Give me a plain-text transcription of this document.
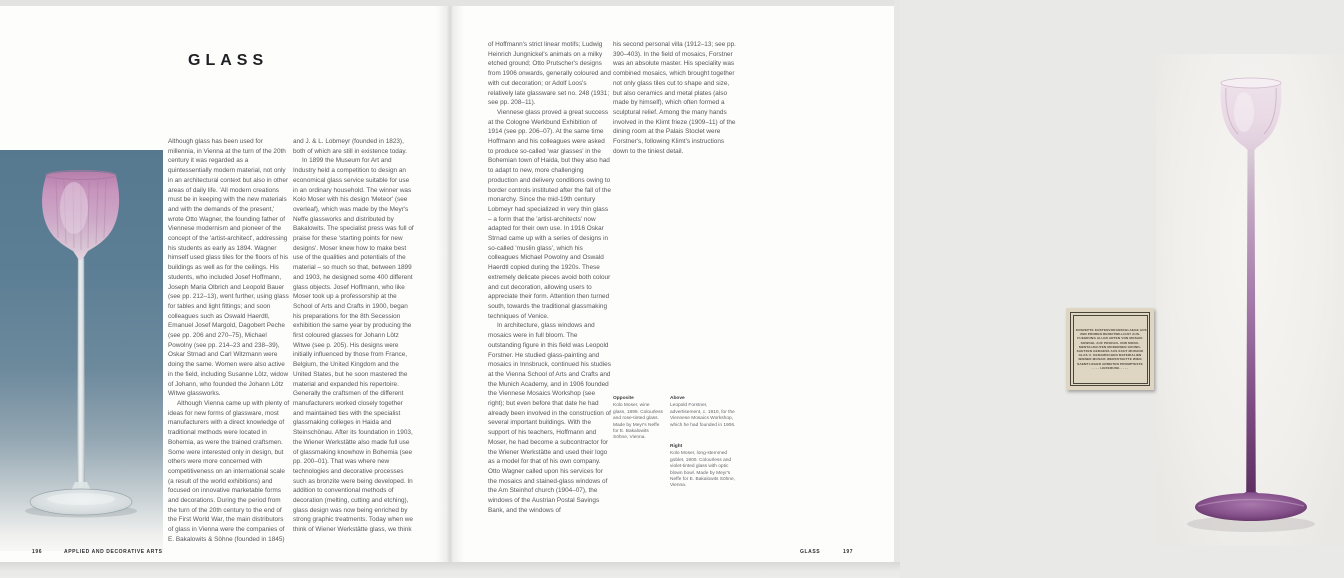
GLASS

Although glass has been used for millennia, in Vienna at the turn of the 20th century it was regarded as a quintessentially modern material, not only in an architectural context but also in other areas of daily life. 'All modern creations must be in keeping with the new materials and with the demands of the present,' wrote Otto Wagner, the founding father of Viennese modernism and pioneer of the concept of the 'artist-architect', addressing his students as early as 1894. Wagner himself used glass tiles for the floors of his buildings as well as for the ceilings. His students, who included Josef Hoffmann, Joseph Maria Olbrich and Leopold Bauer (see pp. 212–13), went further, using glass for tables and light fittings; and soon colleagues such as Oswald Haerdtl, Emanuel Josef Margold, Dagobert Peche (see pp. 206 and 270–75), Michael Powolny (see pp. 214–23 and 238–39), Oskar Strnad and Carl Witzmann were doing the same. Women were also active in the field, including Susanne Lötz, widow of Johann, who founded the Johann Lötz Witwe glassworks.

Although Vienna came up with plenty of ideas for new forms of glassware, most manufacturers with a direct knowledge of traditional methods were located in Bohemia, as were the trained craftsmen. Some were interested only in design, but others were more concerned with competitiveness on an international scale (a result of the world exhibitions) and focused on innovative marketable forms and decorations. During the period from the turn of the 20th century to the end of the First World War, the main distributors of glass in Vienna were the companies of E. Bakalowits & Söhne (founded in 1845)

and J. & L. Lobmeyr (founded in 1823), both of which are still in existence today.

In 1899 the Museum for Art and Industry held a competition to design an economical glass service suitable for use in an ordinary household. The winner was Kolo Moser with his design 'Meteor' (see overleaf), which was made by the Meyr's Neffe glassworks and distributed by Bakalowits. The specialist press was full of praise for these 'starting points for new designs'. Moser knew how to make best use of the qualities and potentials of the material – so much so that, between 1899 and 1903, he designed some 400 different glass objects. Josef Hoffmann, who like Moser took up a professorship at the School of Arts and Crafts in 1900, began his preparations for the 8th Secession exhibition the same year by producing the first coloured glasses for Johann Lötz Witwe (see p. 205). His designs were initially influenced by those from France, Belgium, the United Kingdom and the United States, but he soon mastered the material and expanded his repertoire. Generally the craftsmen of the different manufacturers worked closely together and maintained ties with the specialist glassmaking colleges in Haida and Steinschönau. After its foundation in 1903, the Wiener Werkstätte also made full use of glassmaking knowhow in Bohemia (see pp. 200–01). That was where new technologies and decorative processes such as bronzite were being developed. In addition to conventional methods of decoration (melting, cutting and etching), glass design was now being enriched by strong graphic treatments. Today when we think of Wiener Werkstätte glass, we think

196	APPLIED AND DECORATIVE ARTS

of Hoffmann's strict linear motifs; Ludwig Heinrich Jungnickel's animals on a milky etched ground; Otto Prutscher's designs from 1906 onwards, generally coloured and with cut decoration; or Adolf Loos's relatively late glassware set no. 248 (1931; see pp. 208–11).

Viennese glass proved a great success at the Cologne Werkbund Exhibition of 1914 (see pp. 206–07). At the same time Hoffmann and his colleagues were asked to produce so-called 'war glasses' in the Bohemian town of Haida, but they also had to adapt to new, more challenging production and delivery conditions owing to border controls instituted after the fall of the monarchy. Since the mid-19th century Lobmeyr had specialized in very thin glass – a form that the 'artist-architects' now adapted for their own use. In 1916 Oskar Strnad came up with a series of designs in so-called 'muslin glass', which his colleagues Michael Powolny and Oswald Haerdtl copied during the 1920s. These extremely delicate pieces avoid both colour and cut decoration, allowing users to appreciate their form. Attention then turned south, towards the traditional glassmaking techniques of Venice.

In architecture, glass windows and mosaics were in full bloom. The outstanding figure in this field was Leopold Forstner. He studied glass-painting and mosaics in Innsbruck, continued his studies at the Vienna School of Arts and Crafts and the Munich Academy, and in 1906 founded the Viennese Mosaics Workshop (see right); but even before that date he had already been involved in the construction of several important buildings. With the support of his teachers, Hoffmann and Moser, he had become a subcontractor for the Wiener Werkstätte and used their logo as a model for that of his own company. Otto Wagner called upon his services for the mosaics and stained-glass windows of the Am Steinhof church (1904–07), the windows of the Austrian Postal Savings Bank, and the windows of

his second personal villa (1912–13; see pp. 390–403). In the field of mosaics, Forstner was an absolute master. His speciality was combined mosaics, which brought together not only glass tiles cut to shape and size, but also ceramics and metal plates (also made by himself), which often formed a sculptural relief. Among the many hands involved in the Klimt frieze (1909–11) of the dining room at the Palais Stoclet were Forstner's, following Klimt's instructions down to the tiniest detail.

KONZEPTE KOSTENVORANSCHLAEGE AUS
UND PROBEN BEREITWILLIGST AUS-
FUEHRUNG ALLER ARTEN VON MOSAIK
SOWOHL AUF PROFAN- UND MONU-
MENTALBAUTEN MODERNEN GRUND-
SAETZEN GEMAESS AUS ECHT MURANO
GLAS U. KERAMISCHEN MATERIALIEN
WIENER MOSAIK WERKSTAETTE WIEN
SAEMTLICHER ARBEITEN PROMPTESTE
· · · · LIEFERUNG · · · ·
Opposite
Kolo Moser, wine glass, 1899. Colourless and rose-tinted glass. Made by Meyr's Neffe for E. Bakalowits Söhne, Vienna.
Above
Leopold Forstner, advertisement, c. 1910, for the Viennese Mosaics Workshop, which he had founded in 1906.
Right
Kolo Moser, long-stemmed goblet, 1900. Colourless and violet-tinted glass with optic blown bowl. Made by Meyr's Neffe for E. Bakalowits Söhne, Vienna.
GLASS	197
